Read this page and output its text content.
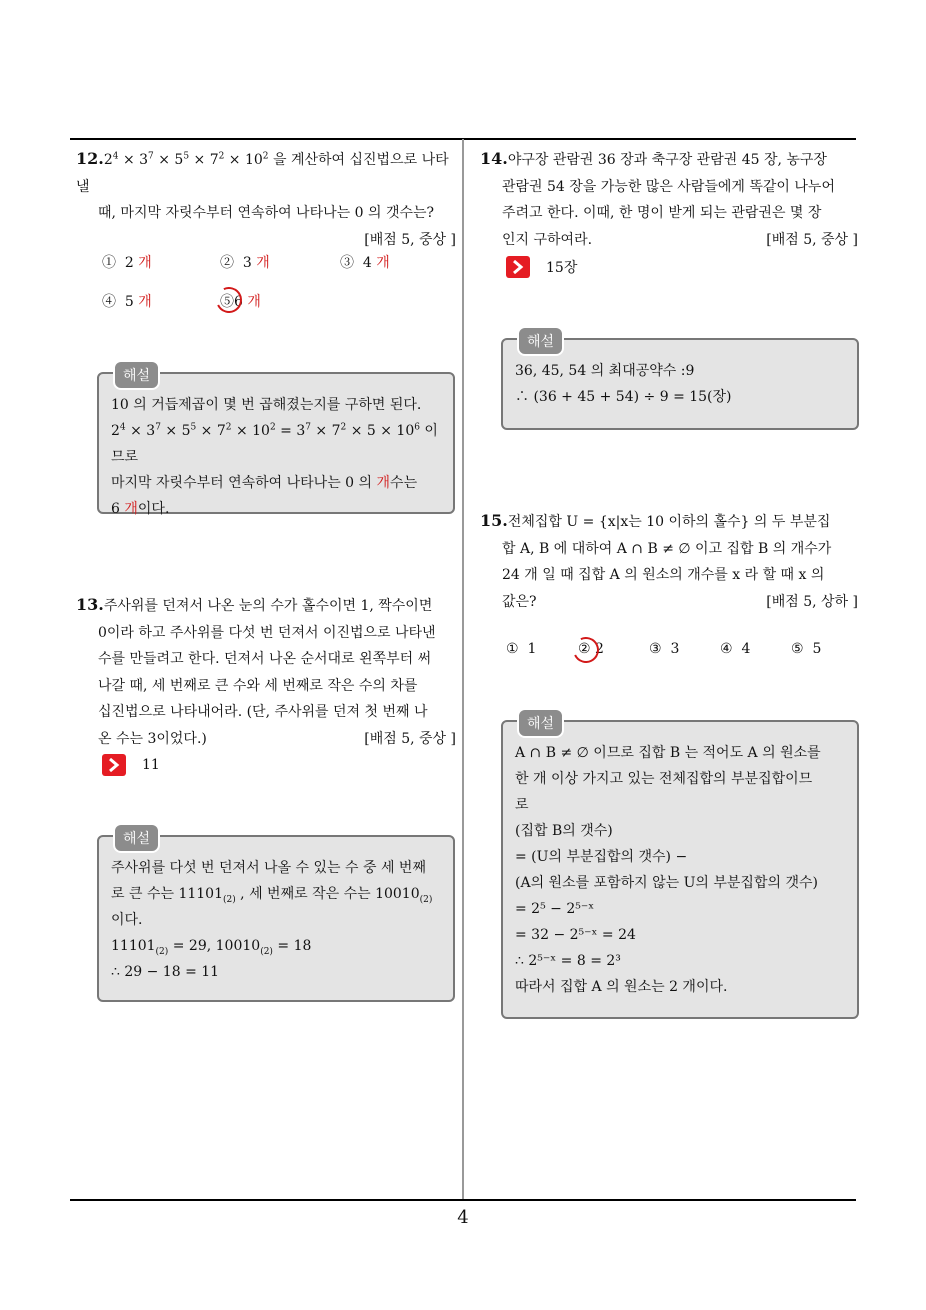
$12.2^4 \times 3^7 \times 5^5 \times 7^2 \times 10^2$ 을 계산하여 십진법으로 나타낼
때, 마지막 자릿수부터 연속하여 나타나는 0 의 갯수는?
[배점 5, 중상 ]
① 2 개	② 3 개	③ 4 개
④ 5 개	⑤6 개
해설
10 의 거듭제곱이 몇 번 곱해졌는지를 구하면 된다.
$2^4 \times 3^7 \times 5^5 \times 7^2 \times 10^2 = 3^7 \times 7^2 \times 5 \times 10^6$ 이므로
마지막 자릿수부터 연속하여 나타나는 0 의 개수는
6 개이다.
13.주사위를 던져서 나온 눈의 수가 홀수이면 1, 짝수이면
0이라 하고 주사위를 다섯 번 던져서 이진법으로 나타낸
수를 만들려고 한다. 던져서 나온 순서대로 왼쪽부터 써
나갈 때, 세 번째로 큰 수와 세 번째로 작은 수의 차를
십진법으로 나타내어라. (단, 주사위를 던져 첫 번째 나
온 수는 3이었다.)	[배점 5, 중상 ]
11
해설
주사위를 다섯 번 던져서 나올 수 있는 수 중 세 번째
로 큰 수는 $11101_{(2)}$ , 세 번째로 작은 수는 $10010_{(2)}$
이다.
$11101_{(2)} = 29$, $10010_{(2)} = 18$
∴ 29 − 18 = 11
14.야구장 관람권 36 장과 축구장 관람권 45 장, 농구장
관람권 54 장을 가능한 많은 사람들에게 똑같이 나누어
주려고 한다. 이때, 한 명이 받게 되는 관람권은 몇 장
인지 구하여라.	[배점 5, 중상 ]
15장
해설
36, 45, 54 의 최대공약수 :9
∴ (36 + 45 + 54) ÷ 9 = 15(장)
15.전체집합 U = {x|x는 10 이하의 홀수} 의 두 부분집
합 A, B 에 대하여 A ∩ B ≠ ∅ 이고 집합 B 의 개수가
24 개 일 때 집합 A 의 원소의 개수를 x 라 할 때 x 의
값은?	[배점 5, 상하 ]
① 1	② 2	③ 3	④ 4	⑤ 5
해설
A ∩ B ≠ ∅ 이므로 집합 B 는 적어도 A 의 원소를
한 개 이상 가지고 있는 전체집합의 부분집합이므
로
(집합 B의 갯수)
= (U의 부분집합의 갯수) −
(A의 원소를 포함하지 않는 U의 부분집합의 갯수)
= 2⁵ − 2⁵⁻ˣ
= 32 − 2⁵⁻ˣ = 24
∴ 2⁵⁻ˣ = 8 = 2³
따라서 집합 A 의 원소는 2 개이다.
4
